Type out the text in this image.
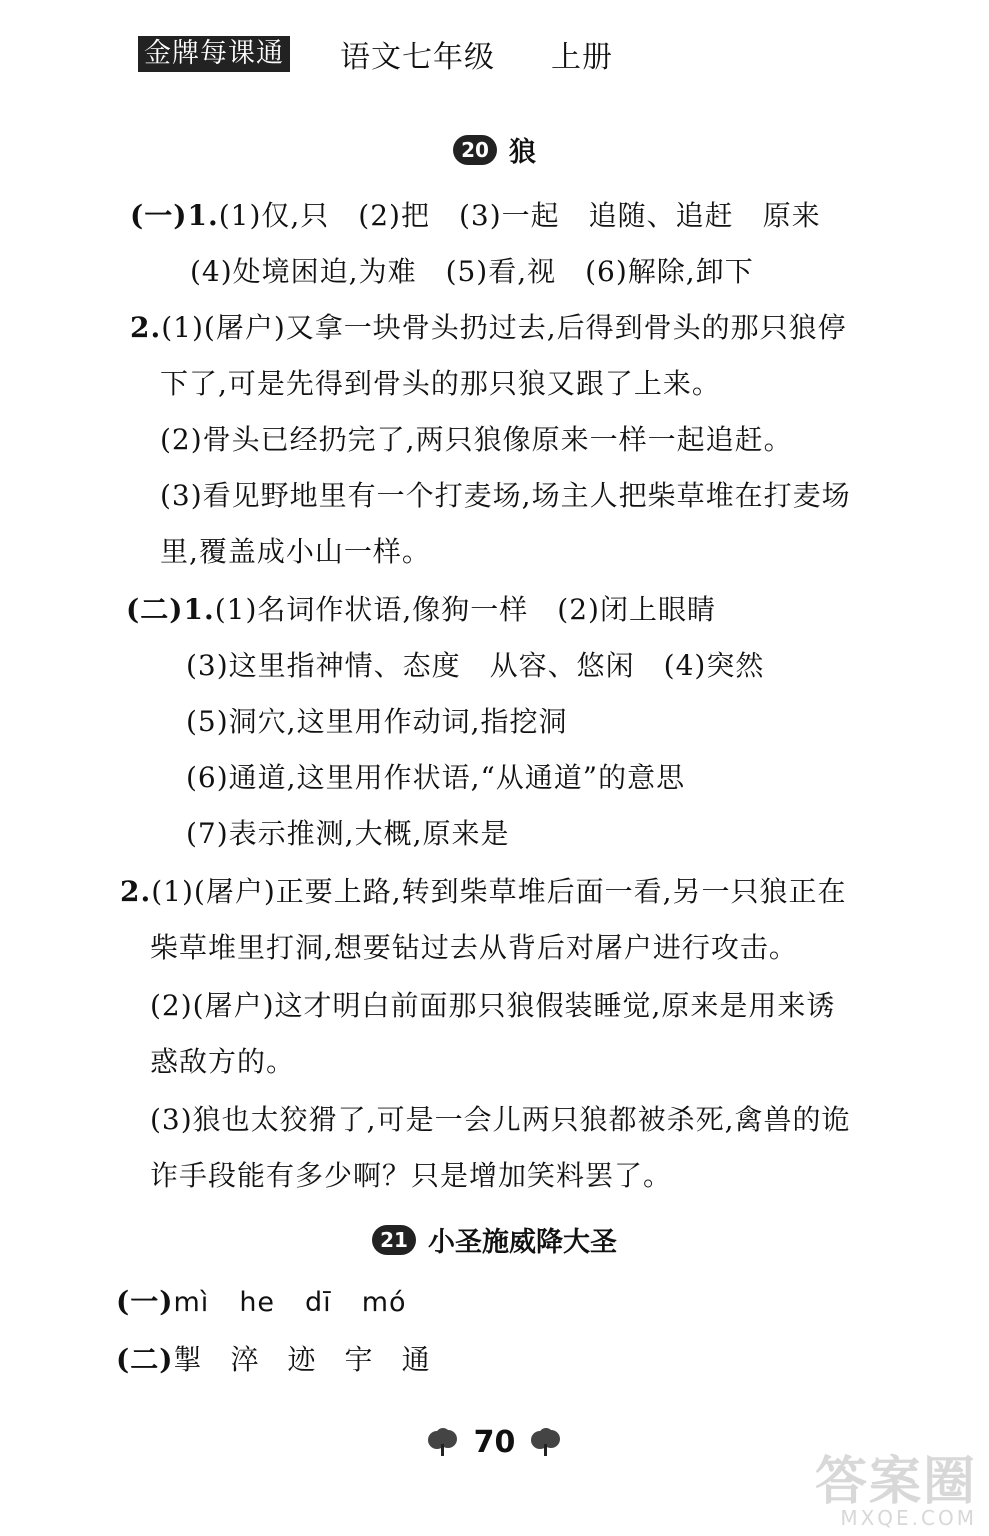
金牌每课通 语文七年级 上册
20 狼
(一)1.(1)仅,只　(2)把　(3)一起　追随、追赶　原来
(4)处境困迫,为难　(5)看,视　(6)解除,卸下
2.(1)(屠户)又拿一块骨头扔过去,后得到骨头的那只狼停
下了,可是先得到骨头的那只狼又跟了上来。
(2)骨头已经扔完了,两只狼像原来一样一起追赶。
(3)看见野地里有一个打麦场,场主人把柴草堆在打麦场
里,覆盖成小山一样。
(二)1.(1)名词作状语,像狗一样　(2)闭上眼睛
(3)这里指神情、态度　从容、悠闲　(4)突然
(5)洞穴,这里用作动词,指挖洞
(6)通道,这里用作状语,“从通道”的意思
(7)表示推测,大概,原来是
2.(1)(屠户)正要上路,转到柴草堆后面一看,另一只狼正在
柴草堆里打洞,想要钻过去从背后对屠户进行攻击。
(2)(屠户)这才明白前面那只狼假装睡觉,原来是用来诱
惑敌方的。
(3)狼也太狡猾了,可是一会儿两只狼都被杀死,禽兽的诡
诈手段能有多少啊？只是增加笑料罢了。
21 小圣施威降大圣
(一)mì he dī mó
(二)掣 淬 迹 宇 通
70
答案圈
MXQE.COM
